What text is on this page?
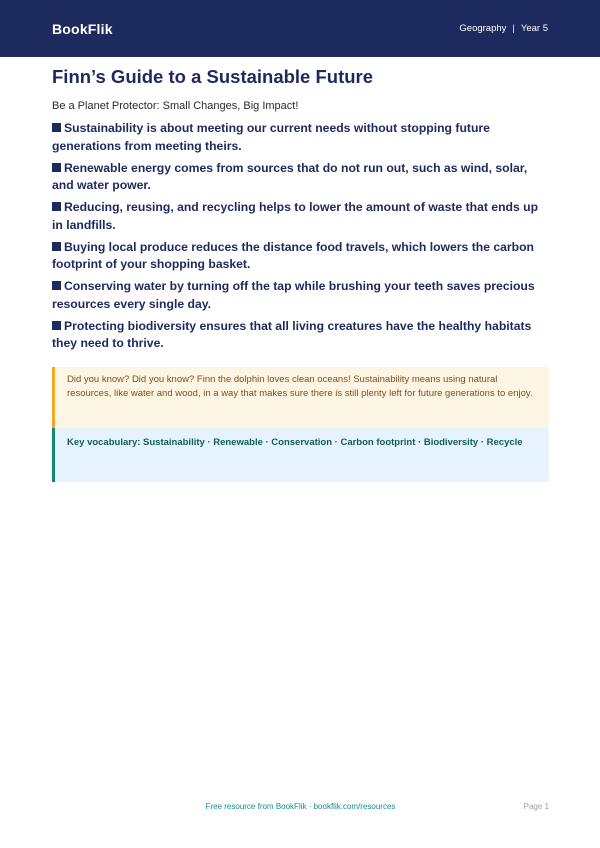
BookFlik	Geography | Year 5
Finn’s Guide to a Sustainable Future

Be a Planet Protector: Small Changes, Big Impact!

Sustainability is about meeting our current needs without stopping future generations from meeting theirs.
Renewable energy comes from sources that do not run out, such as wind, solar, and water power.
Reducing, reusing, and recycling helps to lower the amount of waste that ends up in landfills.
Buying local produce reduces the distance food travels, which lowers the carbon footprint of your shopping basket.
Conserving water by turning off the tap while brushing your teeth saves precious resources every single day.
Protecting biodiversity ensures that all living creatures have the healthy habitats they need to thrive.

Did you know? Did you know? Finn the dolphin loves clean oceans! Sustainability means using natural resources, like water and wood, in a way that makes sure there is still plenty left for future generations to enjoy.

Key vocabulary: Sustainability · Renewable · Conservation · Carbon footprint · Biodiversity · Recycle

Free resource from BookFlik · bookflik.com/resources	Page 1
